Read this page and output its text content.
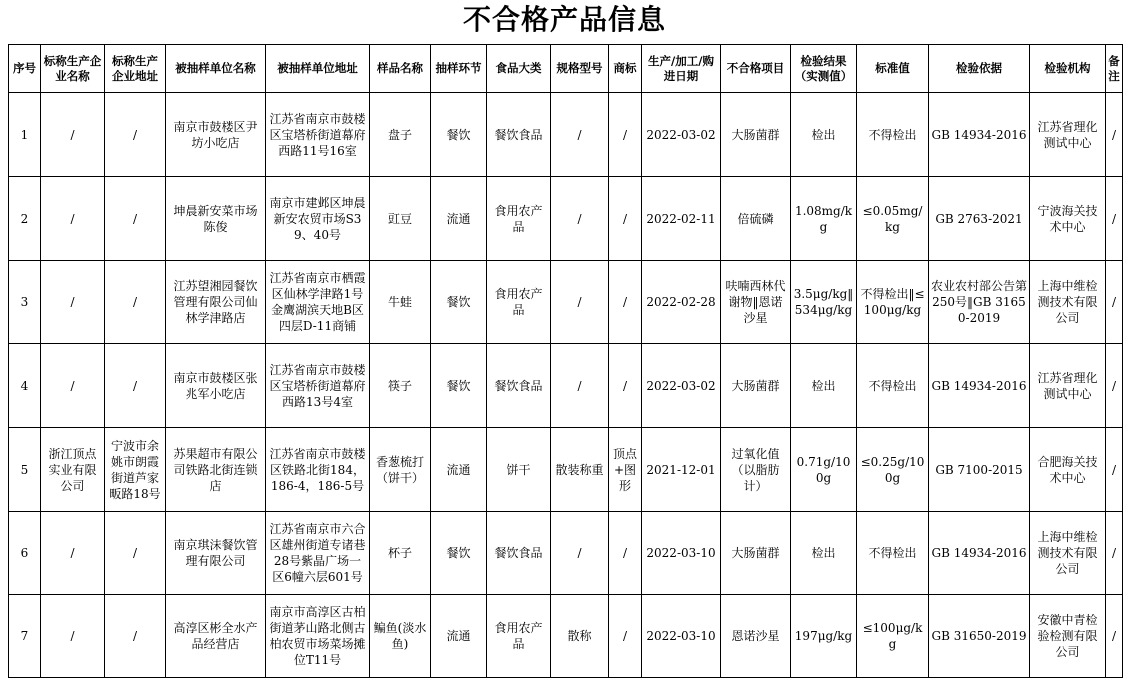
不合格产品信息
序号	标称生产企业名称	标称生产企业地址	被抽样单位名称	被抽样单位地址	样品名称	抽样环节	食品大类	规格型号	商标	生产/加工/购进日期	不合格项目	检验结果（实测值）	标准值	检验依据	检验机构	备注
1	/	/	南京市鼓楼区尹坊小吃店	江苏省南京市鼓楼区宝塔桥街道幕府西路11号16室	盘子	餐饮	餐饮食品	/	/	2022-03-02	大肠菌群	检出	不得检出	GB 14934-2016	江苏省理化测试中心	/
2	/	/	坤晨新安菜市场陈俊	南京市建邺区坤晨新安农贸市场S39、40号	豇豆	流通	食用农产品	/	/	2022-02-11	倍硫磷	1.08mg/kg	≤0.05mg/kg	GB 2763-2021	宁波海关技术中心	/
3	/	/	江苏望湘园餐饮管理有限公司仙林学津路店	江苏省南京市栖霞区仙林学津路1号金鹰湖滨天地B区四层D-11商铺	牛蛙	餐饮	食用农产品	/	/	2022-02-28	呋喃西林代谢物‖恩诺沙星	3.5μg/kg‖534μg/kg	不得检出‖≤100μg/kg	农业农村部公告第250号‖GB 31650-2019	上海中维检测技术有限公司	/
4	/	/	南京市鼓楼区张兆军小吃店	江苏省南京市鼓楼区宝塔桥街道幕府西路13号4室	筷子	餐饮	餐饮食品	/	/	2022-03-02	大肠菌群	检出	不得检出	GB 14934-2016	江苏省理化测试中心	/
5	浙江顶点实业有限公司	宁波市余姚市朗霞街道芦家畈路18号	苏果超市有限公司铁路北街连锁店	江苏省南京市鼓楼区铁路北街184，186-4，186-5号	香葱梳打（饼干）	流通	饼干	散装称重	顶点+图形	2021-12-01	过氧化值（以脂肪计）	0.71g/100g	≤0.25g/100g	GB 7100-2015	合肥海关技术中心	/
6	/	/	南京琪沫餐饮管理有限公司	江苏省南京市六合区雄州街道专诸巷28号紫晶广场一区6幢六层601号	杯子	餐饮	餐饮食品	/	/	2022-03-10	大肠菌群	检出	不得检出	GB 14934-2016	上海中维检测技术有限公司	/
7	/	/	高淳区彬全水产品经营店	南京市高淳区古柏街道茅山路北侧古柏农贸市场菜场摊位T11号	鳊鱼(淡水鱼)	流通	食用农产品	散称	/	2022-03-10	恩诺沙星	197μg/kg	≤100μg/kg	GB 31650-2019	安徽中青检验检测有限公司	/
